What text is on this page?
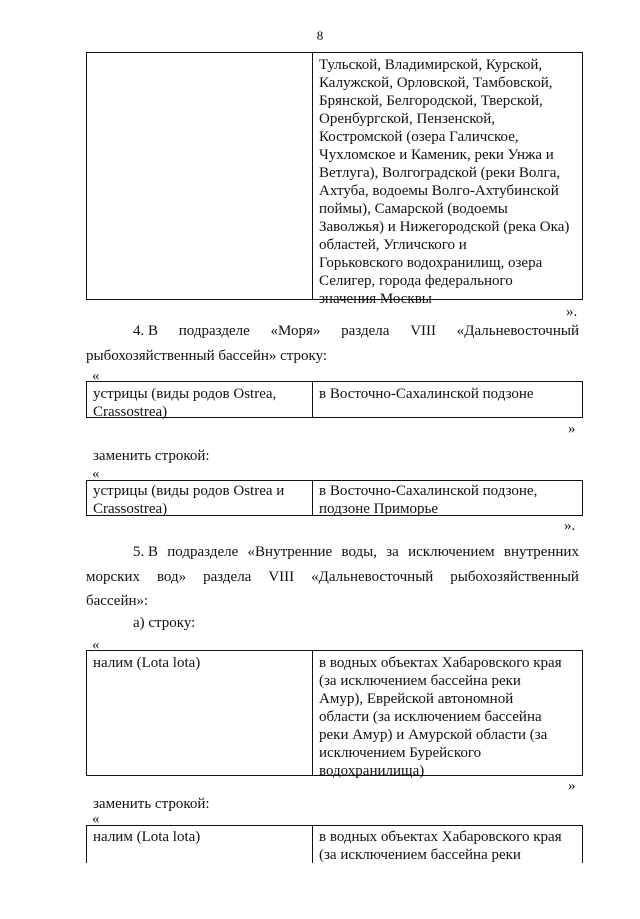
8
Тульской, Владимирской, Курской,
Калужской, Орловской, Тамбовской,
Брянской, Белгородской, Тверской,
Оренбургской, Пензенской,
Костромской (озера Галичское,
Чухломское и Каменик, реки Унжа и
Ветлуга), Волгоградской (реки Волга,
Ахтуба, водоемы Волго-Ахтубинской
поймы), Самарской (водоемы
Заволжья) и Нижегородской (река Ока)
областей, Угличского и
Горьковского водохранилищ, озера
Селигер, города федерального
значения Москвы
».
4. В подразделе «Моря» раздела VIII «Дальневосточный
рыбохозяйственный бассейн» строку:
«
устрицы (виды родов Ostrea,
Crassostrea)
в Восточно-Сахалинской подзоне
»
заменить строкой:
«
устрицы (виды родов Ostrea и
Crassostrea)
в Восточно-Сахалинской подзоне,
подзоне Приморье
».
5. В подразделе «Внутренние воды, за исключением внутренних
морских вод» раздела VIII «Дальневосточный рыбохозяйственный
бассейн»:
а) строку:
«
налим (Lota lota)	в водных объектах Хабаровского края
(за исключением бассейна реки
Амур), Еврейской автономной
области (за исключением бассейна
реки Амур) и Амурской области (за
исключением Бурейского
водохранилища)
»
заменить строкой:
«
налим (Lota lota)	в водных объектах Хабаровского края
(за исключением бассейна реки
